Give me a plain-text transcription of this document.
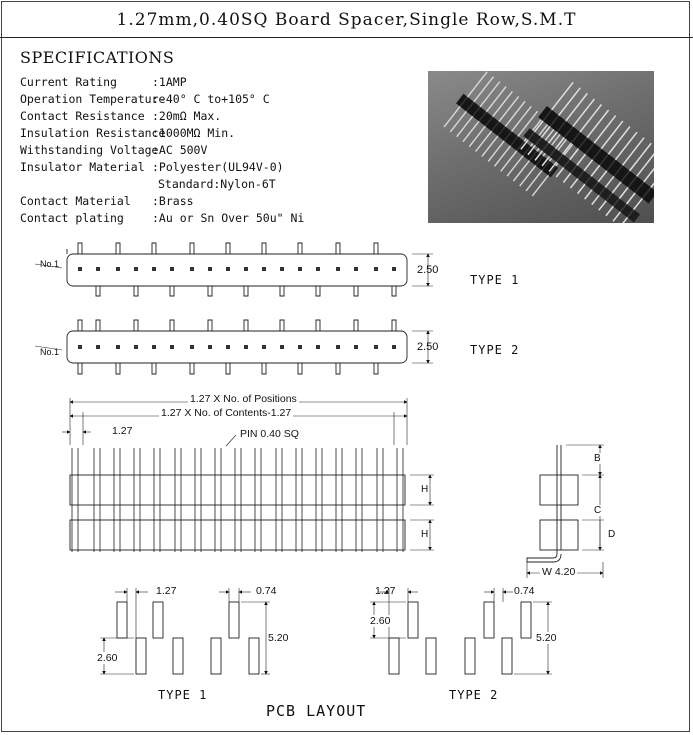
1.27mm,0.40SQ Board Spacer,Single Row,S.M.T
SPECIFICATIONS
Current Rating	:1AMP
Operation Temperature
:-40° C to+105° C
Contact Resistance :20mΩ Max.
Insulation Resistance
:1000MΩ Min.
Withstanding Voltage
:AC 500V
Insulator Material :Polyester(UL94V-0)
Standard:Nylon-6T
Contact Material :Brass
Contact plating :Au or Sn Over 50u" Ni
No.1	2.50
TYPE 1
No.1	2.50	TYPE 2
1.27 X No. of Positions
1.27 X No. of Contents-1.27
1.27	PIN 0.40 SQ
H
H
B
C
D
W 4.20
1.27	0.74
2.60
5.20
TYPE 1
1.27	0.74
2.60
5.20
TYPE 2
PCB LAYOUT
